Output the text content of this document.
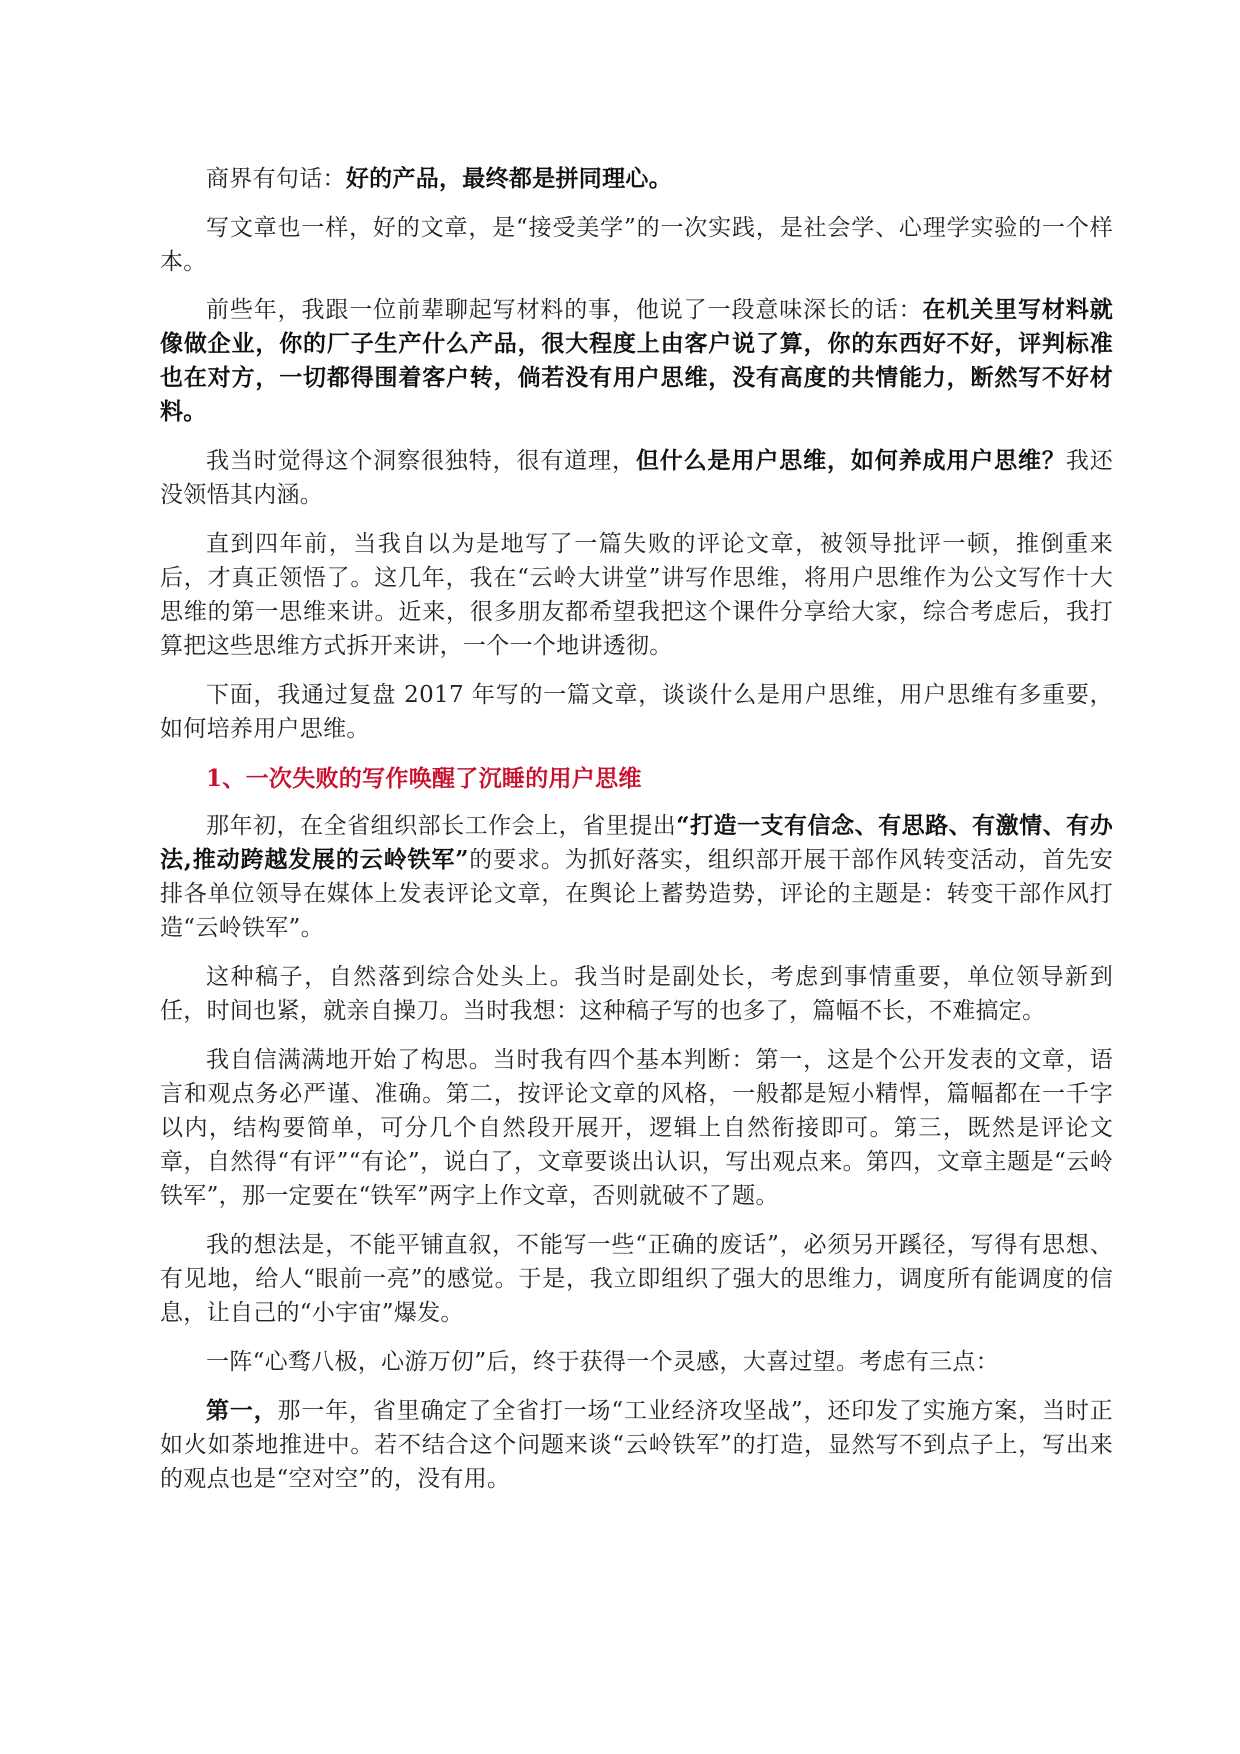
商界有句话：好的产品，最终都是拼同理心。

写文章也一样，好的文章，是“接受美学”的一次实践，是社会学、心理学实验的一个样本。

前些年，我跟一位前辈聊起写材料的事，他说了一段意味深长的话：在机关里写材料就像做企业，你的厂子生产什么产品，很大程度上由客户说了算，你的东西好不好，评判标准也在对方，一切都得围着客户转，倘若没有用户思维，没有高度的共情能力，断然写不好材料。

我当时觉得这个洞察很独特，很有道理，但什么是用户思维，如何养成用户思维？我还没领悟其内涵。

直到四年前，当我自以为是地写了一篇失败的评论文章，被领导批评一顿，推倒重来后，才真正领悟了。这几年，我在“云岭大讲堂”讲写作思维，将用户思维作为公文写作十大思维的第一思维来讲。近来，很多朋友都希望我把这个课件分享给大家，综合考虑后，我打算把这些思维方式拆开来讲，一个一个地讲透彻。

下面，我通过复盘 2017 年写的一篇文章，谈谈什么是用户思维，用户思维有多重要，如何培养用户思维。

1、一次失败的写作唤醒了沉睡的用户思维

那年初，在全省组织部长工作会上，省里提出“打造一支有信念、有思路、有激情、有办法,推动跨越发展的云岭铁军”的要求。为抓好落实，组织部开展干部作风转变活动，首先安排各单位领导在媒体上发表评论文章，在舆论上蓄势造势，评论的主题是：转变干部作风打造“云岭铁军”。

这种稿子，自然落到综合处头上。我当时是副处长，考虑到事情重要，单位领导新到任，时间也紧，就亲自操刀。当时我想：这种稿子写的也多了，篇幅不长，不难搞定。

我自信满满地开始了构思。当时我有四个基本判断：第一，这是个公开发表的文章，语言和观点务必严谨、准确。第二，按评论文章的风格，一般都是短小精悍，篇幅都在一千字以内，结构要简单，可分几个自然段开展开，逻辑上自然衔接即可。第三，既然是评论文章，自然得“有评”“有论”，说白了，文章要谈出认识，写出观点来。第四，文章主题是“云岭铁军”，那一定要在“铁军”两字上作文章，否则就破不了题。

我的想法是，不能平铺直叙，不能写一些“正确的废话”，必须另开蹊径，写得有思想、有见地，给人“眼前一亮”的感觉。于是，我立即组织了强大的思维力，调度所有能调度的信息，让自己的“小宇宙”爆发。

一阵“心骛八极，心游万仞”后，终于获得一个灵感，大喜过望。考虑有三点：

第一，那一年，省里确定了全省打一场“工业经济攻坚战”，还印发了实施方案，当时正如火如荼地推进中。若不结合这个问题来谈“云岭铁军”的打造，显然写不到点子上，写出来的观点也是“空对空”的，没有用。
